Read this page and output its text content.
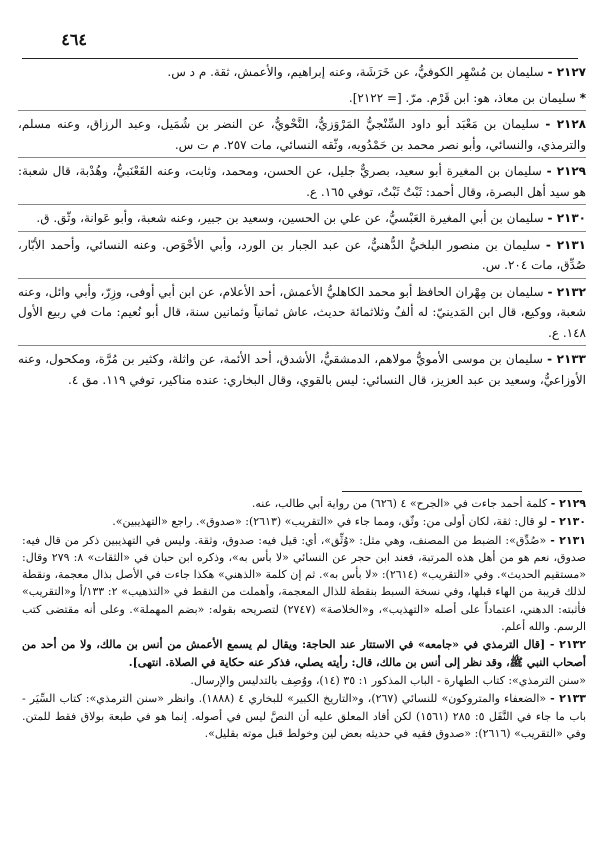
٤٦٤
٢١٢٧ - سليمان بن مُسْهِر الكوفيُّ، عن خَرَشَة، وعنه إبراهيم، والأعمش، ثقة. م د س.
* سليمان بن معاذ، هو: ابن قَرْم. مرّ. [= ٢١٢٢].
٢١٢٨ - سليمان بن مَعْبَد أبو داود السِّنْجيُّ المَرْوَزيُّ، النَّحْويُّ، عن النضر بن شُمَيل، وعبد الرزاق، وعنه مسلم، والترمذي، والنسائي، وأبو نصر محمد بن حَمْدُويه، وثّقه النسائي، مات ٢٥٧. م ت س.
٢١٢٩ - سليمان بن المغيرة أبو سعيد، بصريٌّ جليل، عن الحسن، ومحمد، وثابت، وعنه القَعْنَبيُّ، وهُدْبة، قال شعبة: هو سيد أهل البصرة، وقال أحمد: ثَبْتٌ ثَبْتٌ، توفي ١٦٥. ع.
٢١٣٠ - سليمان بن أبي المغيرة العَبْسيُّ، عن علي بن الحسين، وسعيد بن جبير، وعنه شعبة، وأبو عَوانة، وثّق. ق.
٢١٣١ - سليمان بن منصور البلخيُّ الدُّهنيُّ، عن عبد الجبار بن الورد، وأبي الأحْوَص. وعنه النسائي، وأحمد الأبّار، صُدِّق، مات ٢٠٤. س.
٢١٣٢ - سليمان بن مِهْران الحافظ أبو محمد الكاهليُّ الأعمش، أحد الأعلام، عن ابن أبي أوفى، وزِرّ، وأبي وائل، وعنه شعبة، ووكيع، قال ابن المَدينيّ: له ألفٌ وثلاثمائة حديث، عاش ثمانياً وثمانين سنة، قال أبو نُعيم: مات في ربيع الأول ١٤٨. ع.
٢١٣٣ - سليمان بن موسى الأمويُّ مولاهم، الدمشقيُّ، الأشدق، أحد الأئمة، عن واثلة، وكثير بن مُرَّة، ومكحول، وعنه الأوزاعيُّ، وسعيد بن عبد العزيز، قال النسائي: ليس بالقوي، وقال البخاري: عنده مناكير، توفي ١١٩. مق ٤.
٢١٢٩ - كلمة أحمد جاءت في «الجرح» ٤ (٦٢٦) من رواية أبي طالب، عنه.
٢١٣٠ - لو قال: ثقة، لكان أولى من: وثّق، ومما جاء في «التقريب» (٢٦١٣): «صدوق». راجع «التهذيبين».
٢١٣١ - «صُدِّق»: الضبط من المصنف، وهي مثل: «وُثِّق»، أي: قيل فيه: صدوق، وثقة. وليس في التهذيبين ذكر من قال فيه: صدوق، نعم هو من أهل هذه المرتبة، فعند ابن حجر عن النسائي «لا بأس به»، وذكره ابن حبان في «الثقات» ٨: ٢٧٩ وقال: «مستقيم الحديث». وفي «التقريب» (٢٦١٤): «لا بأس به». ثم إن كلمة «الذهني» هكذا جاءت في الأصل بذال معجمة، ونقطة لذلك قريبة من الهاء قبلها، وفي نسخة السبط بنقطة للذال المعجمة، وأهملت من النقط في «التذهيب» ٢: ١٣٣/أ و«التقريب» فأثبته: الدهني، اعتماداً على أصله «التهذيب»، و«الخلاصة» (٢٧٤٧) لتصريحه بقوله: «بضم المهملة». وعلى أنه مقتضى كتب الرسم. والله أعلم.
٢١٣٢ - [قال الترمذي في «جامعه» في الاستتار عند الحاجة: ويقال لم يسمع الأعمش من أنس بن مالك، ولا من أحد من أصحاب النبي ﷺ، وقد نظر إلى أنس بن مالك، قال: رأيته يصلي، فذكر عنه حكاية في الصلاة. انتهى].
«سنن الترمذي»: كتاب الطهارة - الباب المذكور ١: ٣٥ (١٤)، ووُصِف بالتدليس والإرسال.
٢١٣٣ - «الضعفاء والمتروكون» للنسائي (٢٦٧)، و«التاريخ الكبير» للبخاري ٤ (١٨٨٨). وانظر «سنن الترمذي»: كتاب السِّيَر - باب ما جاء في النَّفَل ٥: ٢٨٥ (١٥٦١) لكن أفاد المعلق عليه أن النصَّ ليس في أصوله. إنما هو في طبعة بولاق فقط للمتن. وفي «التقريب» (٢٦١٦): «صدوق فقيه في حديثه بعض لين وخولط قبل موته بقليل».
